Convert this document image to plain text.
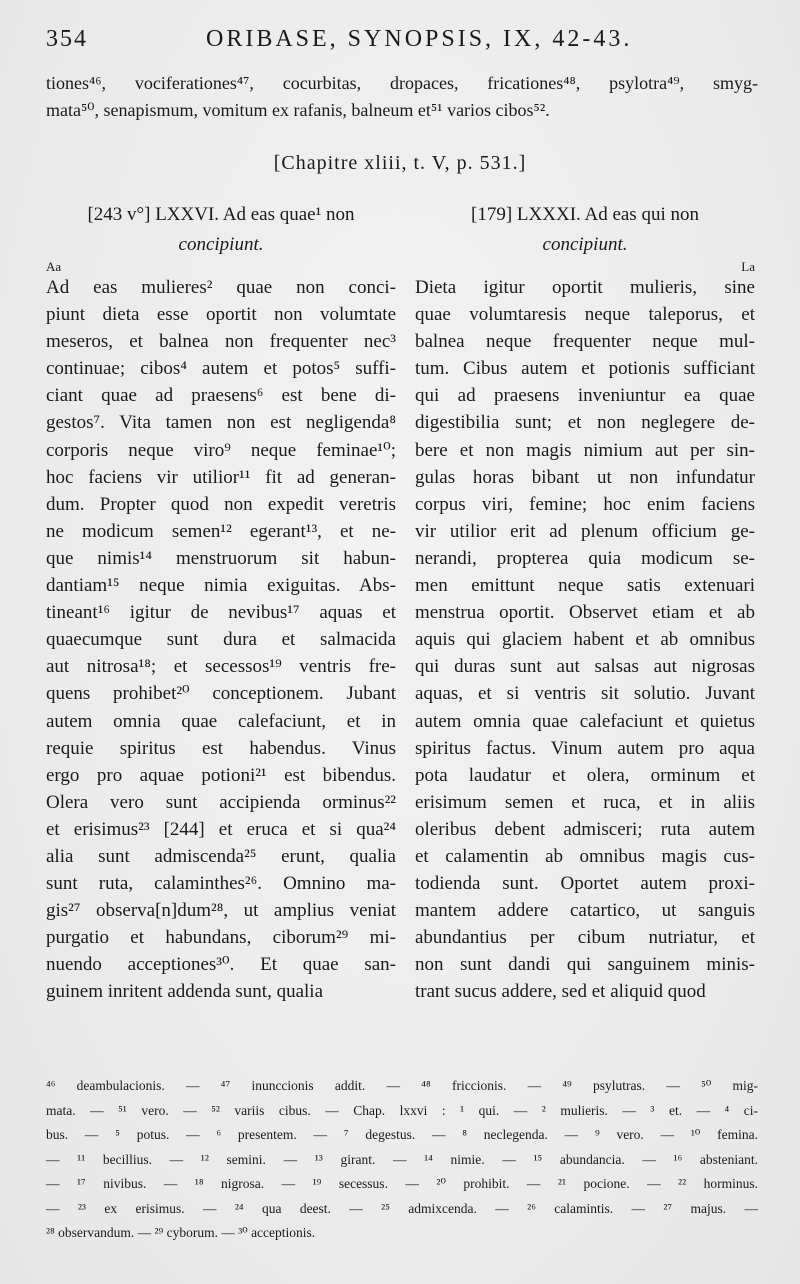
354	ORIBASE, SYNOPSIS, IX, 42-43.
tiones⁴⁶, vociferationes⁴⁷, cocurbitas, dropaces, fricationes⁴⁸, psylotra⁴⁹, smyg-
mata⁵⁰, senapismum, vomitum ex rafanis, balneum et⁵¹ varios cibos⁵².
[Chapitre xliii, t. V, p. 531.]
[243 v°] LXXVI. Ad eas quae¹ non
concipiunt.
Aa
Ad eas mulieres² quae non conci-
piunt dieta esse oportit non volumtate
meseros, et balnea non frequenter nec³
continuae; cibos⁴ autem et potos⁵ suffi-
ciant quae ad praesens⁶ est bene di-
gestos⁷. Vita tamen non est negligenda⁸
corporis neque viro⁹ neque feminae¹⁰;
hoc faciens vir utilior¹¹ fit ad generan-
dum. Propter quod non expedit veretris
ne modicum semen¹² egerant¹³, et ne-
que nimis¹⁴ menstruorum sit habun-
dantiam¹⁵ neque nimia exiguitas. Abs-
tineant¹⁶ igitur de nevibus¹⁷ aquas et
quaecumque sunt dura et salmacida
aut nitrosa¹⁸; et secessos¹⁹ ventris fre-
quens prohibet²⁰ conceptionem. Jubant
autem omnia quae calefaciunt, et in
requie spiritus est habendus. Vinus
ergo pro aquae potioni²¹ est bibendus.
Olera vero sunt accipienda orminus²²
et erisimus²³ [244] et eruca et si qua²⁴
alia sunt admiscenda²⁵ erunt, qualia
sunt ruta, calaminthes²⁶. Omnino ma-
gis²⁷ observa[n]dum²⁸, ut amplius veniat
purgatio et habundans, ciborum²⁹ mi-
nuendo acceptiones³⁰. Et quae san-
guinem inritent addenda sunt, qualia
[179] LXXXI. Ad eas qui non
concipiunt.
La
Dieta igitur oportit mulieris, sine
quae volumtaresis neque taleporus, et
balnea neque frequenter neque mul-
tum. Cibus autem et potionis sufficiant
qui ad praesens inveniuntur ea quae
digestibilia sunt; et non neglegere de-
bere et non magis nimium aut per sin-
gulas horas bibant ut non infundatur
corpus viri, femine; hoc enim faciens
vir utilior erit ad plenum officium ge-
nerandi, propterea quia modicum se-
men emittunt neque satis extenuari
menstrua oportit. Observet etiam et ab
aquis qui glaciem habent et ab omnibus
qui duras sunt aut salsas aut nigrosas
aquas, et si ventris sit solutio. Juvant
autem omnia quae calefaciunt et quietus
spiritus factus. Vinum autem pro aqua
pota laudatur et olera, orminum et
erisimum semen et ruca, et in aliis
oleribus debent admisceri; ruta autem
et calamentin ab omnibus magis cus-
todienda sunt. Oportet autem proxi-
mantem addere catartico, ut sanguis
abundantius per cibum nutriatur, et
non sunt dandi qui sanguinem minis-
trant sucus addere, sed et aliquid quod
⁴⁶ deambulacionis. — ⁴⁷ inunccionis addit. — ⁴⁸ friccionis. — ⁴⁹ psylutras. — ⁵⁰ mig-
mata. — ⁵¹ vero. — ⁵² variis cibus. — Chap. lxxvi : ¹ qui. — ² mulieris. — ³ et. — ⁴ ci-
bus. — ⁵ potus. — ⁶ presentem. — ⁷ degestus. — ⁸ neclegenda. — ⁹ vero. — ¹⁰ femina.
— ¹¹ becillius. — ¹² semini. — ¹³ girant. — ¹⁴ nimie. — ¹⁵ abundancia. — ¹⁶ absteniant.
— ¹⁷ nivibus. — ¹⁸ nigrosa. — ¹⁹ secessus. — ²⁰ prohibit. — ²¹ pocione. — ²² horminus.
— ²³ ex erisimus. — ²⁴ qua deest. — ²⁵ admixcenda. — ²⁶ calamintis. — ²⁷ majus. —
²⁸ observandum. — ²⁹ cyborum. — ³⁰ acceptionis.
